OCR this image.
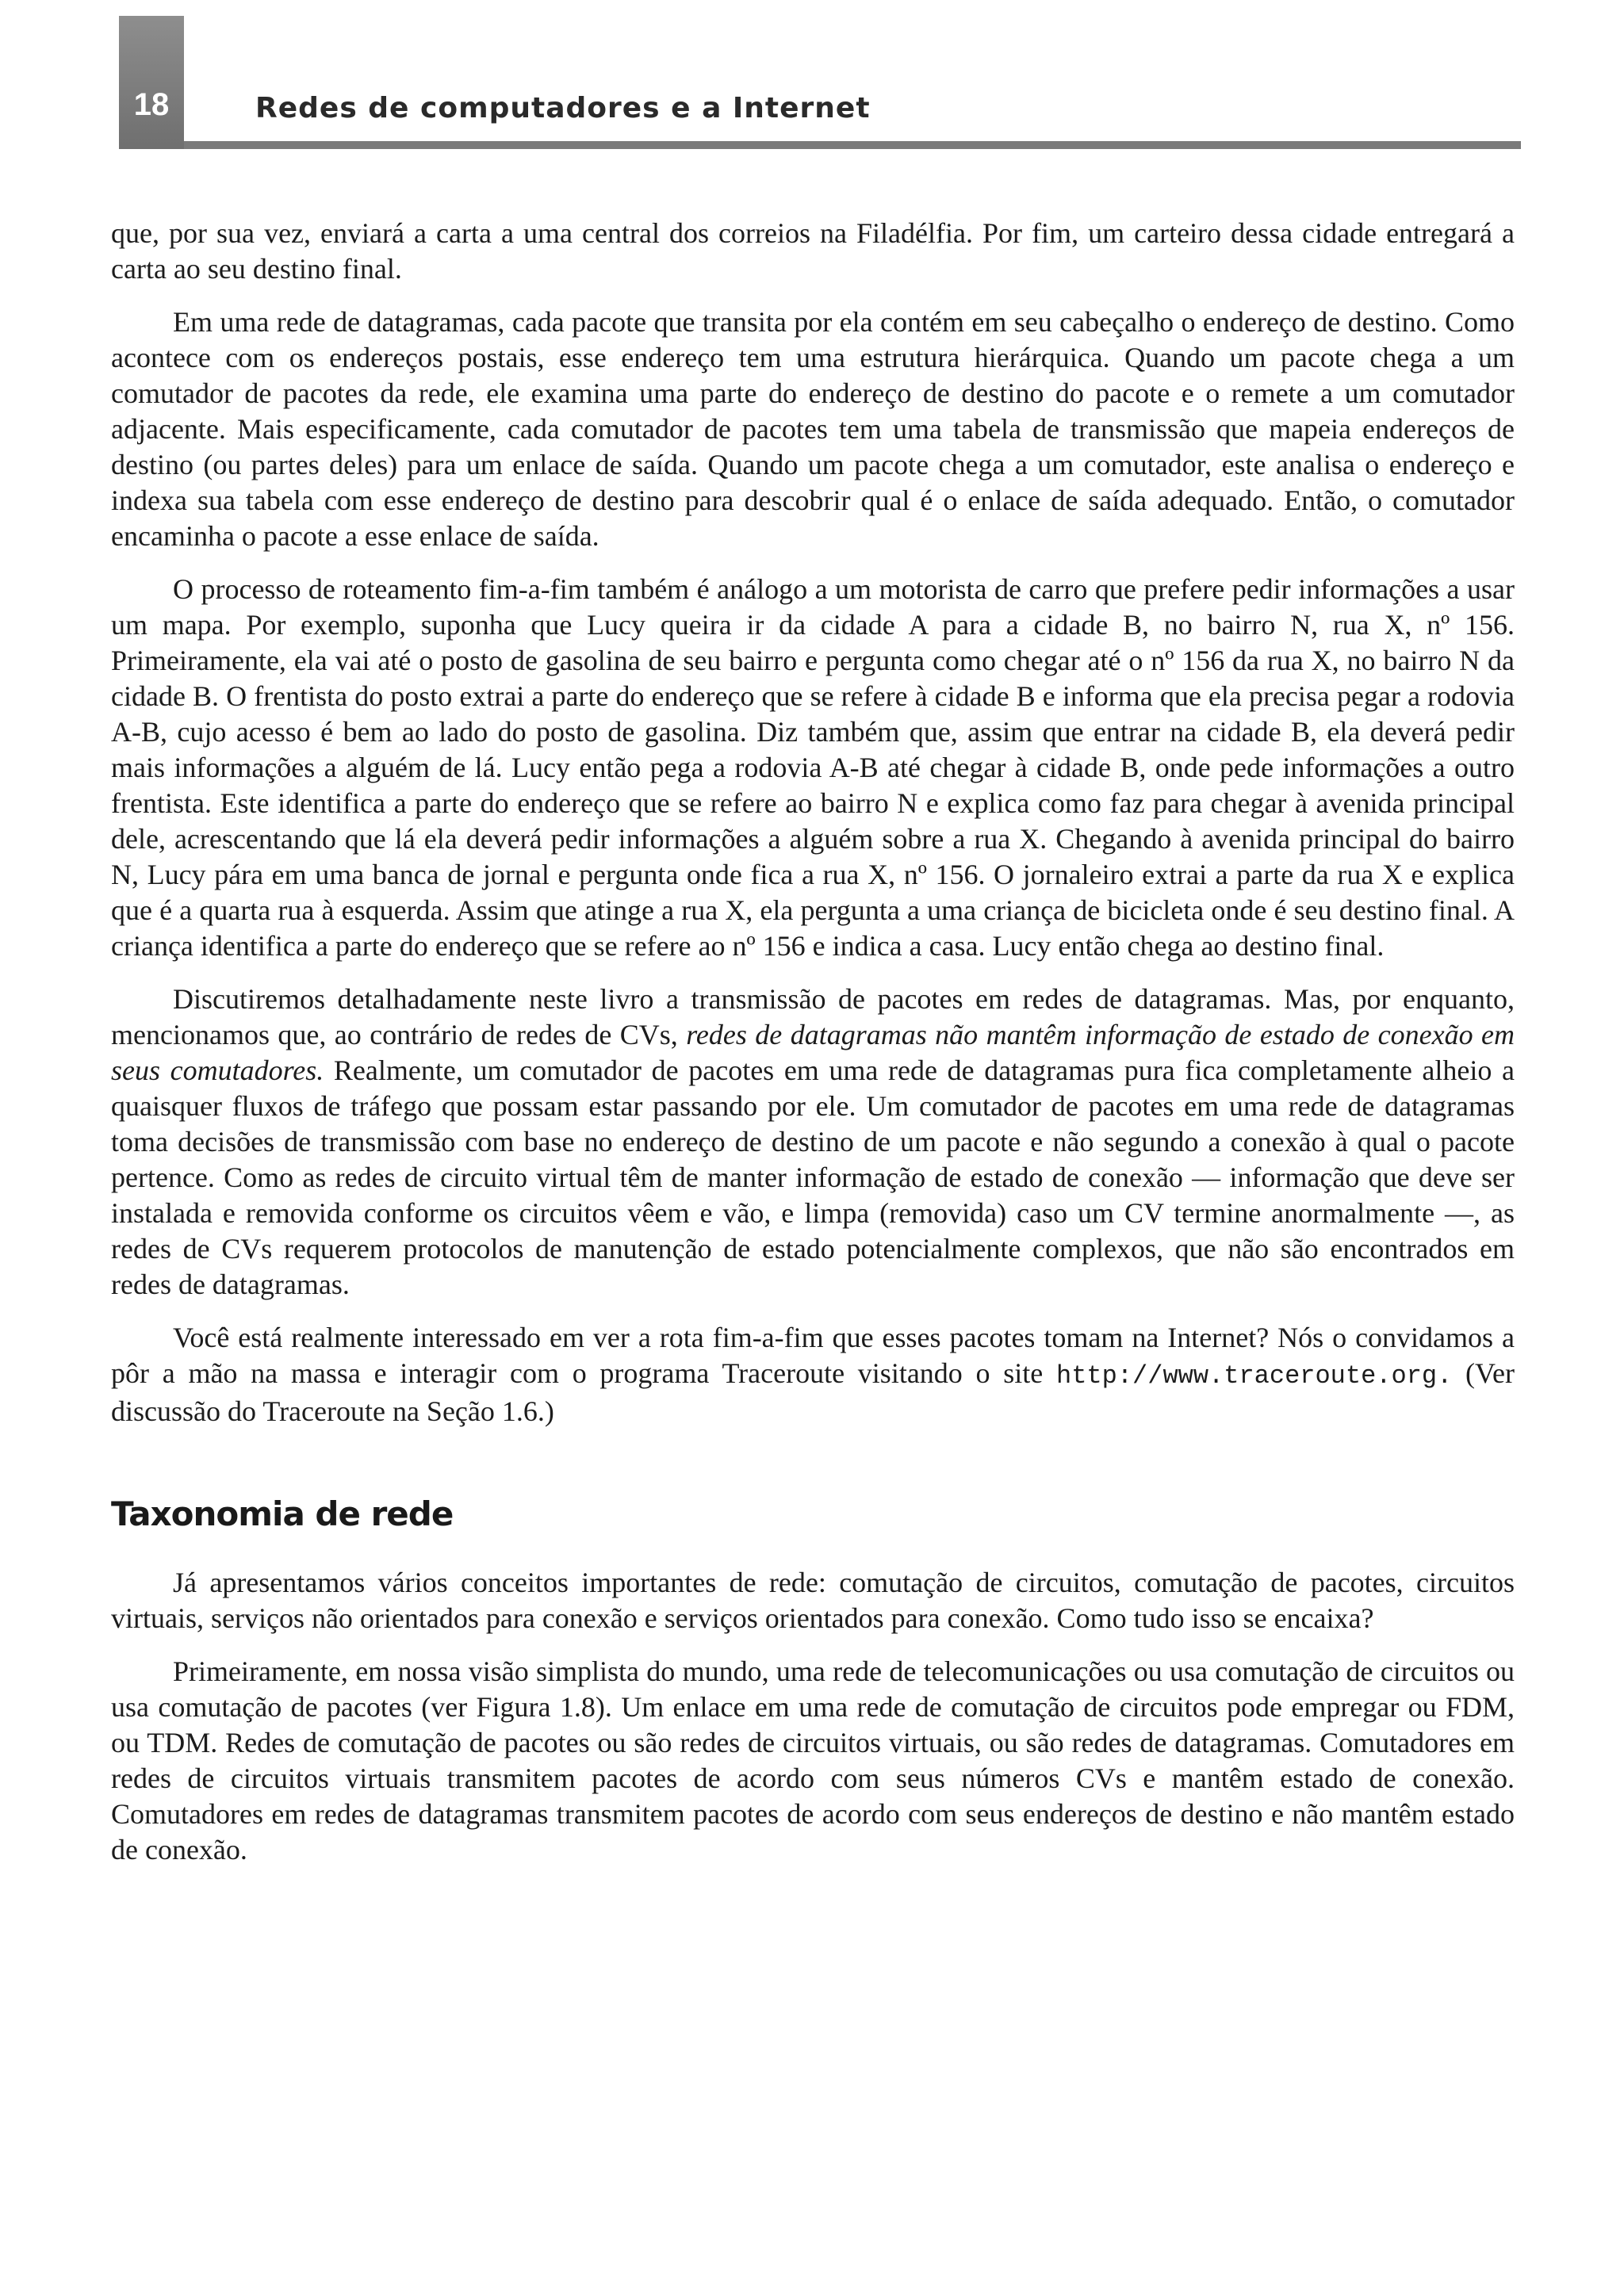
18	Redes de computadores e a Internet

que, por sua vez, enviará a carta a uma central dos correios na Filadélfia. Por fim, um carteiro dessa cidade entregará a carta ao seu destino final.

Em uma rede de datagramas, cada pacote que transita por ela contém em seu cabeçalho o endereço de destino. Como acontece com os endereços postais, esse endereço tem uma estrutura hierárquica. Quando um pacote chega a um comutador de pacotes da rede, ele examina uma parte do endereço de destino do pacote e o remete a um comutador adjacente. Mais especificamente, cada comutador de pacotes tem uma tabela de transmissão que mapeia endereços de destino (ou partes deles) para um enlace de saída. Quando um pacote chega a um comutador, este analisa o endereço e indexa sua tabela com esse endereço de destino para descobrir qual é o enlace de saída adequado. Então, o comutador encaminha o pacote a esse enlace de saída.

O processo de roteamento fim-a-fim também é análogo a um motorista de carro que prefere pedir informações a usar um mapa. Por exemplo, suponha que Lucy queira ir da cidade A para a cidade B, no bairro N, rua X, nº 156. Primeiramente, ela vai até o posto de gasolina de seu bairro e pergunta como chegar até o nº 156 da rua X, no bairro N da cidade B. O frentista do posto extrai a parte do endereço que se refere à cidade B e informa que ela precisa pegar a rodovia A-B, cujo acesso é bem ao lado do posto de gasolina. Diz também que, assim que entrar na cidade B, ela deverá pedir mais informações a alguém de lá. Lucy então pega a rodovia A-B até chegar à cidade B, onde pede informações a outro frentista. Este identifica a parte do endereço que se refere ao bairro N e explica como faz para chegar à avenida principal dele, acrescentando que lá ela deverá pedir informações a alguém sobre a rua X. Chegando à avenida principal do bairro N, Lucy pára em uma banca de jornal e pergunta onde fica a rua X, nº 156. O jornaleiro extrai a parte da rua X e explica que é a quarta rua à esquerda. Assim que atinge a rua X, ela pergunta a uma criança de bicicleta onde é seu destino final. A criança identifica a parte do endereço que se refere ao nº 156 e indica a casa. Lucy então chega ao destino final.

Discutiremos detalhadamente neste livro a transmissão de pacotes em redes de datagramas. Mas, por enquanto, mencionamos que, ao contrário de redes de CVs, redes de datagramas não mantêm informação de estado de conexão em seus comutadores. Realmente, um comutador de pacotes em uma rede de datagramas pura fica completamente alheio a quaisquer fluxos de tráfego que possam estar passando por ele. Um comutador de pacotes em uma rede de datagramas toma decisões de transmissão com base no endereço de destino de um pacote e não segundo a conexão à qual o pacote pertence. Como as redes de circuito virtual têm de manter informação de estado de conexão — informação que deve ser instalada e removida conforme os circuitos vêem e vão, e limpa (removida) caso um CV termine anormalmente —, as redes de CVs requerem protocolos de manutenção de estado potencialmente complexos, que não são encontrados em redes de datagramas.

Você está realmente interessado em ver a rota fim-a-fim que esses pacotes tomam na Internet? Nós o convidamos a pôr a mão na massa e interagir com o programa Traceroute visitando o site http://www.traceroute.org. (Ver discussão do Traceroute na Seção 1.6.)

Taxonomia de rede

Já apresentamos vários conceitos importantes de rede: comutação de circuitos, comutação de pacotes, circuitos virtuais, serviços não orientados para conexão e serviços orientados para conexão. Como tudo isso se encaixa?

Primeiramente, em nossa visão simplista do mundo, uma rede de telecomunicações ou usa comutação de circuitos ou usa comutação de pacotes (ver Figura 1.8). Um enlace em uma rede de comutação de circuitos pode empregar ou FDM, ou TDM. Redes de comutação de pacotes ou são redes de circuitos virtuais, ou são redes de datagramas. Comutadores em redes de circuitos virtuais transmitem pacotes de acordo com seus números CVs e mantêm estado de conexão. Comutadores em redes de datagramas transmitem pacotes de acordo com seus endereços de destino e não mantêm estado de conexão.
